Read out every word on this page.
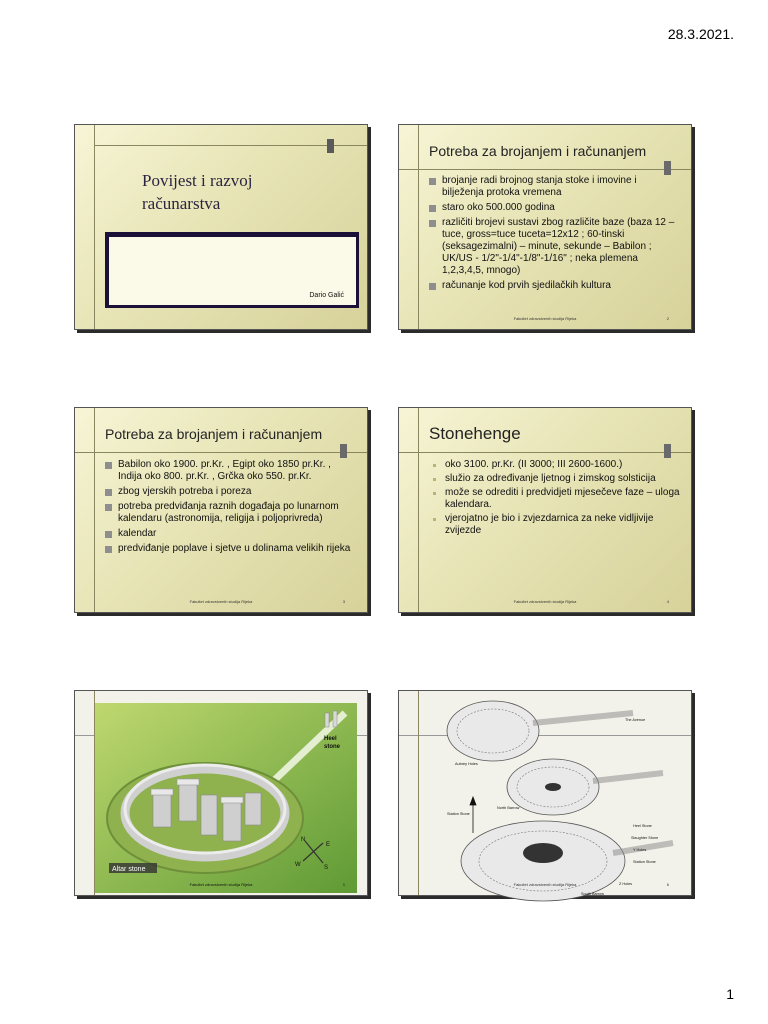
28.3.2021.
Povijest i razvoj
računarstva
Dario Galić
Potreba za brojanjem i računanjem
brojanje radi brojnog stanja stoke i imovine i bilježenja protoka vremena
staro oko 500.000 godina
različiti brojevi sustavi zbog različite baze (baza 12 – tuce, gross=tuce tuceta=12x12 ; 60-tinski (seksagezimalni) – minute, sekunde – Babilon ; UK/US - 1/2"-1/4"-1/8"-1/16" ; neka plemena 1,2,3,4,5, mnogo)
računanje kod prvih sjedilačkih kultura
Fakultet zdravstvenih studija Rijeka	2
Potreba za brojanjem i računanjem
Babilon oko 1900. pr.Kr. , Egipt oko 1850 pr.Kr. , Indija oko 800. pr.Kr. , Grčka oko 550. pr.Kr.
zbog vjerskih potreba i poreza
potreba predviđanja raznih događaja po lunarnom kalendaru (astronomija, religija i poljoprivreda)
kalendar
predviđanje poplave i sjetve u dolinama velikih rijeka
Fakultet zdravstvenih studija Rijeka	3
Stonehenge
oko 3100. pr.Kr. (II 3000; III 2600-1600.)
služio za određivanje ljetnog i zimskog solsticija
može se odrediti i predvidjeti mjesečeve faze – uloga kalendara.
vjerojatno je bio i zvjezdarnica za neke vidljivije zvijezde
Fakultet zdravstvenih studija Rijeka	4
Heel
stone
Altar stone
N
E
S
W
Fakultet zdravstvenih studija Rijeka	5
The Avenue
Aubrey Holes
Station Stone
North Barrow
Heel Stone
Slaughter Stone
Y Holes
Station Stone
Z Holes
South Barrow
Fakultet zdravstvenih studija Rijeka	6
1
